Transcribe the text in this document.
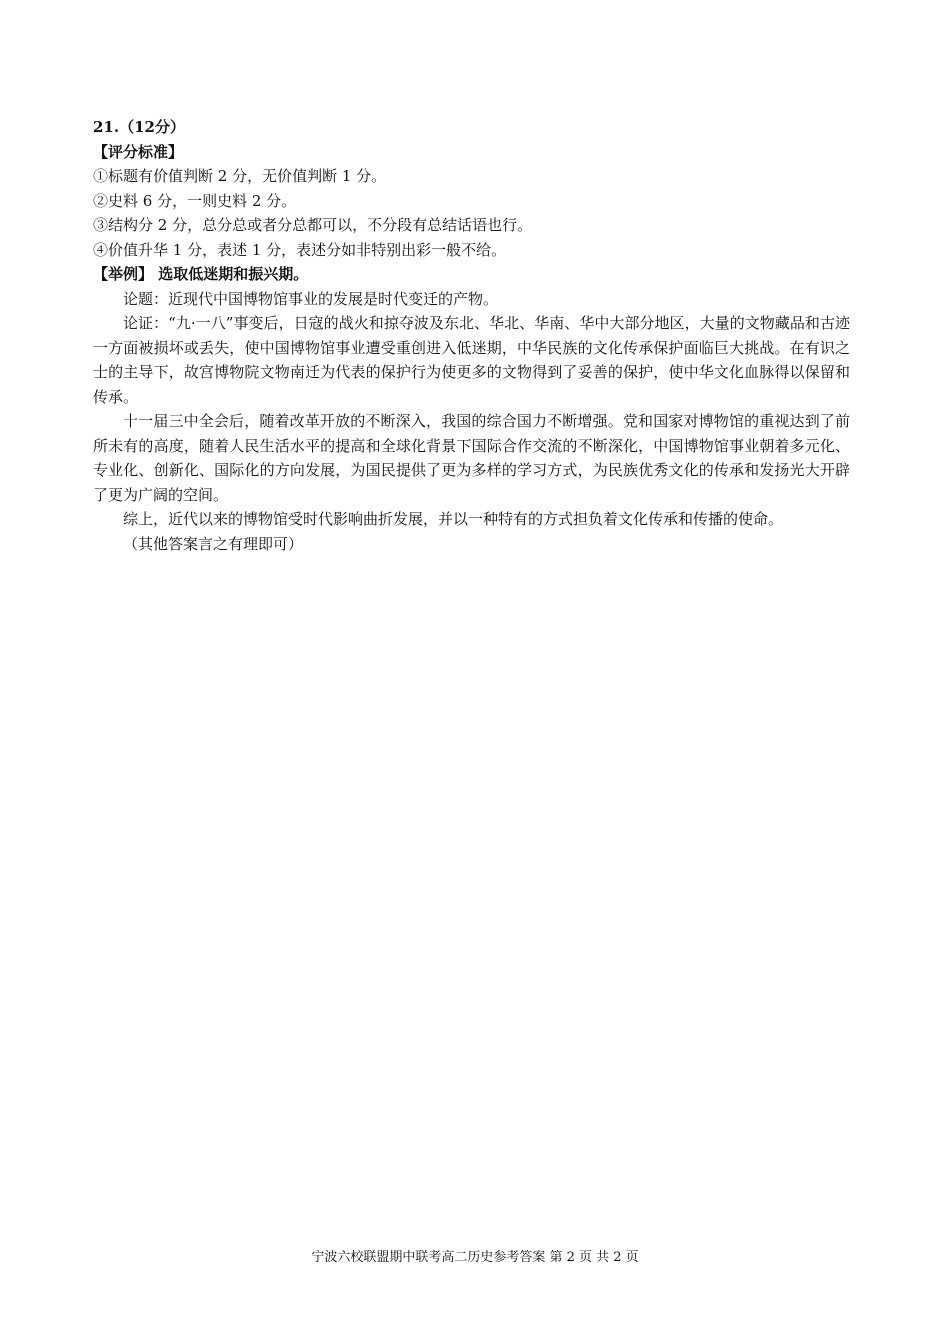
21.（12分）
【评分标准】
①标题有价值判断 2 分，无价值判断 1 分。
②史料 6 分，一则史料 2 分。
③结构分 2 分，总分总或者分总都可以，不分段有总结话语也行。
④价值升华 1 分，表述 1 分，表述分如非特别出彩一般不给。
【举例】 选取低迷期和振兴期。

论题：近现代中国博物馆事业的发展是时代变迁的产物。

论证：“九·一八”事变后，日寇的战火和掠夺波及东北、华北、华南、华中大部分地区，大量的文物藏品和古迹一方面被损坏或丢失，使中国博物馆事业遭受重创进入低迷期，中华民族的文化传承保护面临巨大挑战。在有识之士的主导下，故宫博物院文物南迁为代表的保护行为使更多的文物得到了妥善的保护，使中华文化血脉得以保留和传承。

十一届三中全会后，随着改革开放的不断深入，我国的综合国力不断增强。党和国家对博物馆的重视达到了前所未有的高度，随着人民生活水平的提高和全球化背景下国际合作交流的不断深化，中国博物馆事业朝着多元化、专业化、创新化、国际化的方向发展，为国民提供了更为多样的学习方式，为民族优秀文化的传承和发扬光大开辟了更为广阔的空间。

综上，近代以来的博物馆受时代影响曲折发展，并以一种特有的方式担负着文化传承和传播的使命。

（其他答案言之有理即可）

宁波六校联盟期中联考高二历史参考答案 第 2 页 共 2 页
